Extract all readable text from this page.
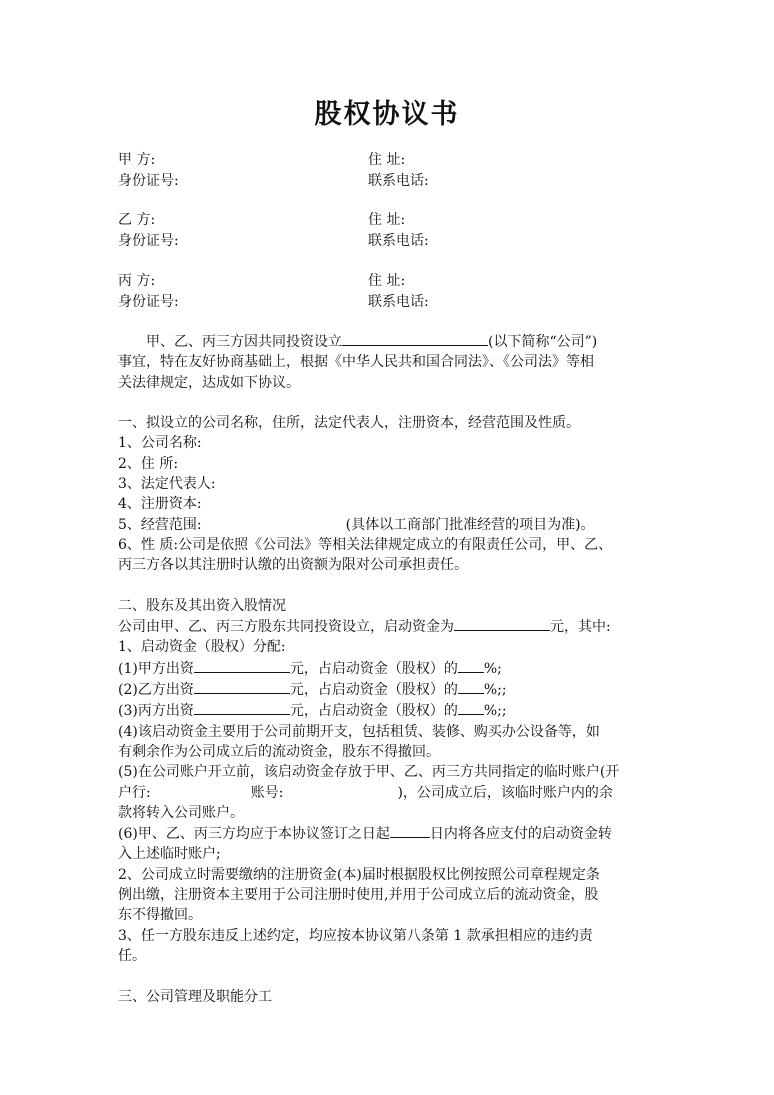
股权协议书
甲 方:	住 址:
身份证号:	联系电话:
乙 方:	住 址:
身份证号:	联系电话:
丙 方:	住 址:
身份证号:	联系电话:

甲、乙、丙三方因共同投资设立	(以下简称“公司”)

事宜，特在友好协商基础上，根据《中华人民共和国合同法》、《公司法》等相

关法律规定，达成如下协议。

一、拟设立的公司名称，住所，法定代表人，注册资本，经营范围及性质。

1、公司名称:

2、住 所:

3、法定代表人:

4、注册资本:

5、经营范围:	(具体以工商部门批准经营的项目为准)。

6、性 质:公司是依照《公司法》等相关法律规定成立的有限责任公司，甲、乙、

丙三方各以其注册时认缴的出资额为限对公司承担责任。

二、股东及其出资入股情况

公司由甲、乙、丙三方股东共同投资设立，启动资金为	元，其中:

1、启动资金（股权）分配:

(1)甲方出资	元，占启动资金（股权）的 %;

(2)乙方出资	元，占启动资金（股权）的 %;;

(3)丙方出资	元，占启动资金（股权）的 %;;

(4)该启动资金主要用于公司前期开支，包括租赁、装修、购买办公设备等，如

有剩余作为公司成立后的流动资金，股东不得撤回。

(5)在公司账户开立前，该启动资金存放于甲、乙、丙三方共同指定的临时账户(开

户行:	账号:	)，公司成立后，该临时账户内的余

款将转入公司账户。

(6)甲、乙、丙三方均应于本协议签订之日起	日内将各应支付的启动资金转

入上述临时账户;

2、公司成立时需要缴纳的注册资金(本)届时根据股权比例按照公司章程规定条

例出缴，注册资本主要用于公司注册时使用,并用于公司成立后的流动资金，股

东不得撤回。

3、任一方股东违反上述约定，均应按本协议第八条第 1 款承担相应的违约责

任。

三、公司管理及职能分工
